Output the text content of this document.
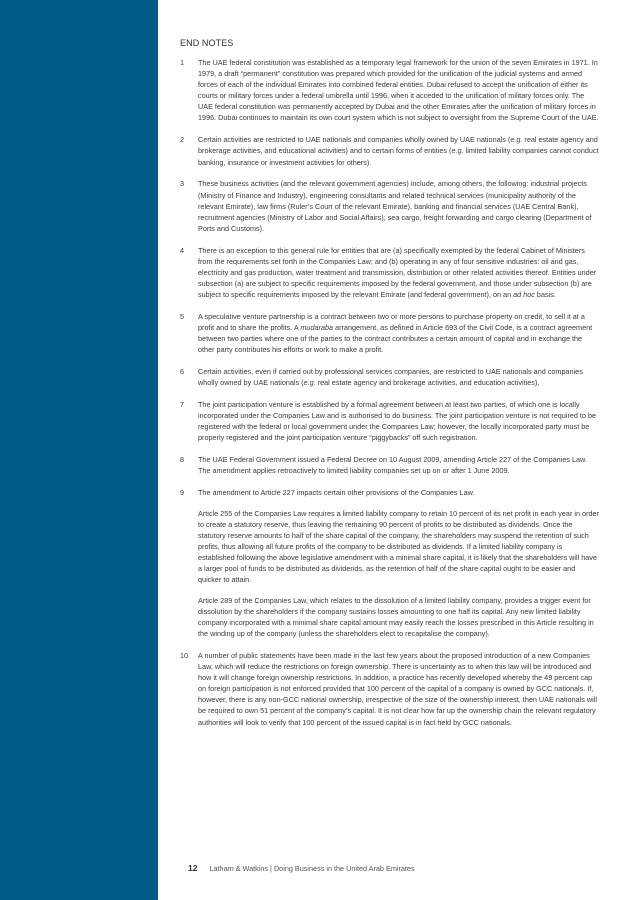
END NOTES
1 The UAE federal constitution was established as a temporary legal framework for the union of the seven Emirates in 1971. In 1979, a draft “permanent” constitution was prepared which provided for the unification of the judicial systems and armed forces of each of the individual Emirates into combined federal entities. Dubai refused to accept the unification of either its courts or military forces under a federal umbrella until 1996, when it acceded to the unification of military forces only. The UAE federal constitution was permanently accepted by Dubai and the other Emirates after the unification of military forces in 1996. Dubai continues to maintain its own court system which is not subject to oversight from the Supreme Court of the UAE.

2 Certain activities are restricted to UAE nationals and companies wholly owned by UAE nationals (e.g. real estate agency and brokerage activities, and educational activities) and to certain forms of entities (e.g. limited liability companies cannot conduct banking, insurance or investment activities for others).

3 These business activities (and the relevant government agencies) include, among others, the following: industrial projects (Ministry of Finance and Industry), engineering consultants and related technical services (municipality authority of the relevant Emirate), law firms (Ruler’s Court of the relevant Emirate), banking and financial services (UAE Central Bank), recruitment agencies (Ministry of Labor and Social Affairs); sea cargo, freight forwarding and cargo clearing (Department of Ports and Customs).

4 There is an exception to this general rule for entities that are (a) specifically exempted by the federal Cabinet of Ministers from the requirements set forth in the Companies Law; and (b) operating in any of four sensitive industries: oil and gas, electricity and gas production, water treatment and transmission, distribution or other related activities thereof. Entities under subsection (a) are subject to specific requirements imposed by the federal government, and those under subsection (b) are subject to specific requirements imposed by the relevant Emirate (and federal government), on an ad hoc basis.

5 A speculative venture partnership is a contract between two or more persons to purchase property on credit, to sell it at a profit and to share the profits. A mudaraba arrangement, as defined in Article 693 of the Civil Code, is a contract agreement between two parties where one of the parties to the contract contributes a certain amount of capital and in exchange the other party contributes his efforts or work to make a profit.

6 Certain activities, even if carried out by professional services companies, are restricted to UAE nationals and companies wholly owned by UAE nationals (e.g. real estate agency and brokerage activities, and education activities).

7 The joint participation venture is established by a formal agreement between at least two parties, of which one is locally incorporated under the Companies Law and is authorised to do business. The joint participation venture is not required to be registered with the federal or local government under the Companies Law; however, the locally incorporated party must be properly registered and the joint participation venture “piggybacks” off such registration.

8 The UAE Federal Government issued a Federal Decree on 10 August 2009, amending Article 227 of the Companies Law. The amendment applies retroactively to limited liability companies set up on or after 1 June 2009.

9 The amendment to Article 227 impacts certain other provisions of the Companies Law.

Article 255 of the Companies Law requires a limited liability company to retain 10 percent of its net profit in each year in order to create a statutory reserve, thus leaving the remaining 90 percent of profits to be distributed as dividends. Once the statutory reserve amounts to half of the share capital of the company, the shareholders may suspend the retention of such profits, thus allowing all future profits of the company to be distributed as dividends. If a limited liability company is established following the above legislative amendment with a minimal share capital, it is likely that the shareholders will have a larger pool of funds to be distributed as dividends, as the retention of half of the share capital ought to be easier and quicker to attain.

Article 289 of the Companies Law, which relates to the dissolution of a limited liability company, provides a trigger event for dissolution by the shareholders if the company sustains losses amounting to one half its capital. Any new limited liability company incorporated with a minimal share capital amount may easily reach the losses prescribed in this Article resulting in the winding up of the company (unless the shareholders elect to recapitalise the company).

10 A number of public statements have been made in the last few years about the proposed introduction of a new Companies Law, which will reduce the restrictions on foreign ownership. There is uncertainty as to when this law will be introduced and how it will change foreign ownership restrictions. In addition, a practice has recently developed whereby the 49 percent cap on foreign participation is not enforced provided that 100 percent of the capital of a company is owned by GCC nationals. If, however, there is any non-GCC national ownership, irrespective of the size of the ownership interest, then UAE nationals will be required to own 51 percent of the company’s capital. It is not clear how far up the ownership chain the relevant regulatory authorities will look to verify that 100 percent of the issued capital is in fact held by GCC nationals.

12 Latham & Watkins | Doing Business in the United Arab Emirates
